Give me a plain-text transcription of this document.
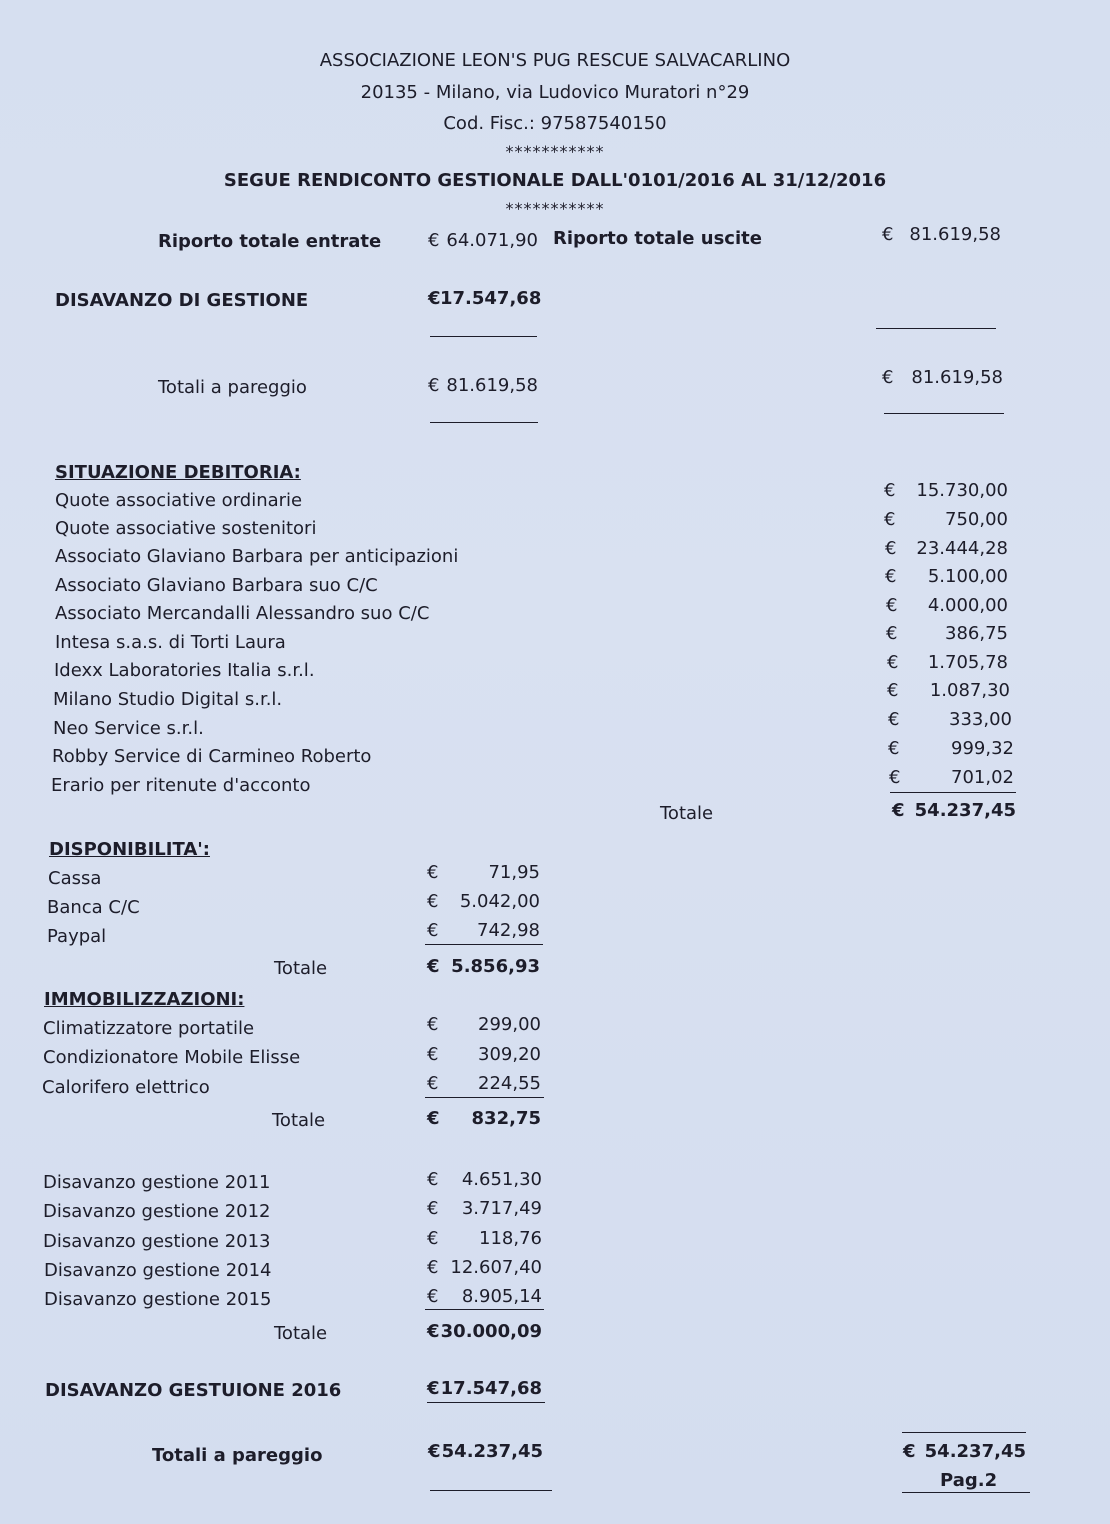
ASSOCIAZIONE LEON'S PUG RESCUE SALVACARLINO
20135 - Milano, via Ludovico Muratori n°29
Cod. Fisc.: 97587540150
***********
SEGUE RENDICONTO GESTIONALE DALL'0101/2016 AL 31/12/2016
***********
Riporto totale entrate	€ 64.071,90 Riporto totale uscite	€ 81.619,58
DISAVANZO DI GESTIONE	€ 17.547,68
Totali a pareggio	€ 81.619,58	€ 81.619,58
SITUAZIONE DEBITORIA:
Quote associative ordinarie	€	15.730,00
Quote associative sostenitori	€	750,00
Associato Glaviano Barbara per anticipazioni	€	23.444,28
Associato Glaviano Barbara suo C/C	€	5.100,00
Associato Mercandalli Alessandro suo C/C	€	4.000,00
Intesa s.a.s. di Torti Laura	€	386,75
Idexx Laboratories Italia s.r.l.	€	1.705,78
Milano Studio Digital s.r.l.	€	1.087,30
Neo Service s.r.l.	€	333,00
Robby Service di Carmineo Roberto	€	999,32
Erario per ritenute d'acconto	€	701,02
Totale	€ 54.237,45
DISPONIBILITA':
Cassa	€	71,95
Banca C/C	€	5.042,00
Paypal	€	742,98
Totale	€ 5.856,93
IMMOBILIZZAZIONI:
Climatizzatore portatile	€	299,00
Condizionatore Mobile Elisse	€	309,20
Calorifero elettrico	€	224,55
Totale	€	832,75
Disavanzo gestione 2011	€	4.651,30
Disavanzo gestione 2012	€	3.717,49
Disavanzo gestione 2013	€	118,76
Disavanzo gestione 2014	€ 12.607,40
Disavanzo gestione 2015	€	8.905,14
Totale	€ 30.000,09
DISAVANZO GESTUIONE 2016	€ 17.547,68
Totali a pareggio	€ 54.237,45	€ 54.237,45
Pag.2
